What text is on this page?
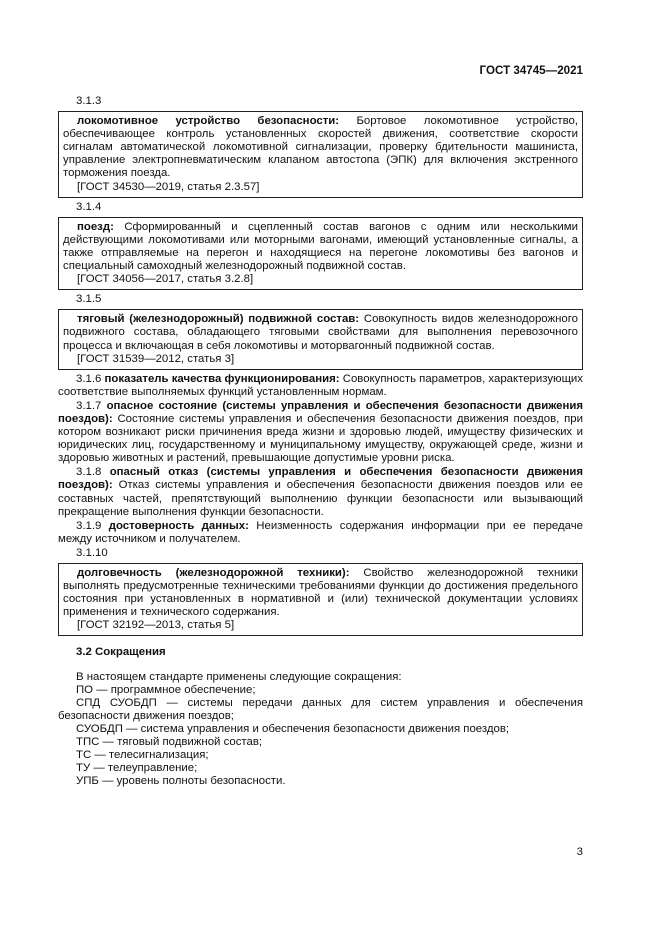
ГОСТ 34745—2021
3.1.3
локомотивное устройство безопасности: Бортовое локомотивное устройство, обеспечивающее контроль установленных скоростей движения, соответствие скорости сигналам автоматической локомотивной сигнализации, проверку бдительности машиниста, управление электропневматическим клапаном автостопа (ЭПК) для включения экстренного торможения поезда.
[ГОСТ 34530—2019, статья 2.3.57]
3.1.4
поезд: Сформированный и сцепленный состав вагонов с одним или несколькими действующими локомотивами или моторными вагонами, имеющий установленные сигналы, а также отправляемые на перегон и находящиеся на перегоне локомотивы без вагонов и специальный самоходный железнодорожный подвижной состав.
[ГОСТ 34056—2017, статья 3.2.8]
3.1.5
тяговый (железнодорожный) подвижной состав: Совокупность видов железнодорожного подвижного состава, обладающего тяговыми свойствами для выполнения перевозочного процесса и включающая в себя локомотивы и моторвагонный подвижной состав.
[ГОСТ 31539—2012, статья 3]
3.1.6 показатель качества функционирования: Совокупность параметров, характеризующих соответствие выполняемых функций установленным нормам.
3.1.7 опасное состояние (системы управления и обеспечения безопасности движения поездов): Состояние системы управления и обеспечения безопасности движения поездов, при котором возникают риски причинения вреда жизни и здоровью людей, имуществу физических и юридических лиц, государственному и муниципальному имуществу, окружающей среде, жизни и здоровью животных и растений, превышающие допустимые уровни риска.
3.1.8 опасный отказ (системы управления и обеспечения безопасности движения поездов): Отказ системы управления и обеспечения безопасности движения поездов или ее составных частей, препятствующий выполнению функции безопасности или вызывающий прекращение выполнения функции безопасности.
3.1.9 достоверность данных: Неизменность содержания информации при ее передаче между источником и получателем.
3.1.10
долговечность (железнодорожной техники): Свойство железнодорожной техники выполнять предусмотренные техническими требованиями функции до достижения предельного состояния при установленных в нормативной и (или) технической документации условиях применения и технического содержания.
[ГОСТ 32192—2013, статья 5]
3.2 Сокращения
В настоящем стандарте применены следующие сокращения:
ПО — программное обеспечение;
СПД СУОБДП — системы передачи данных для систем управления и обеспечения безопасности движения поездов;
СУОБДП — система управления и обеспечения безопасности движения поездов;
ТПС — тяговый подвижной состав;
ТС — телесигнализация;
ТУ — телеуправление;
УПБ — уровень полноты безопасности.
3
